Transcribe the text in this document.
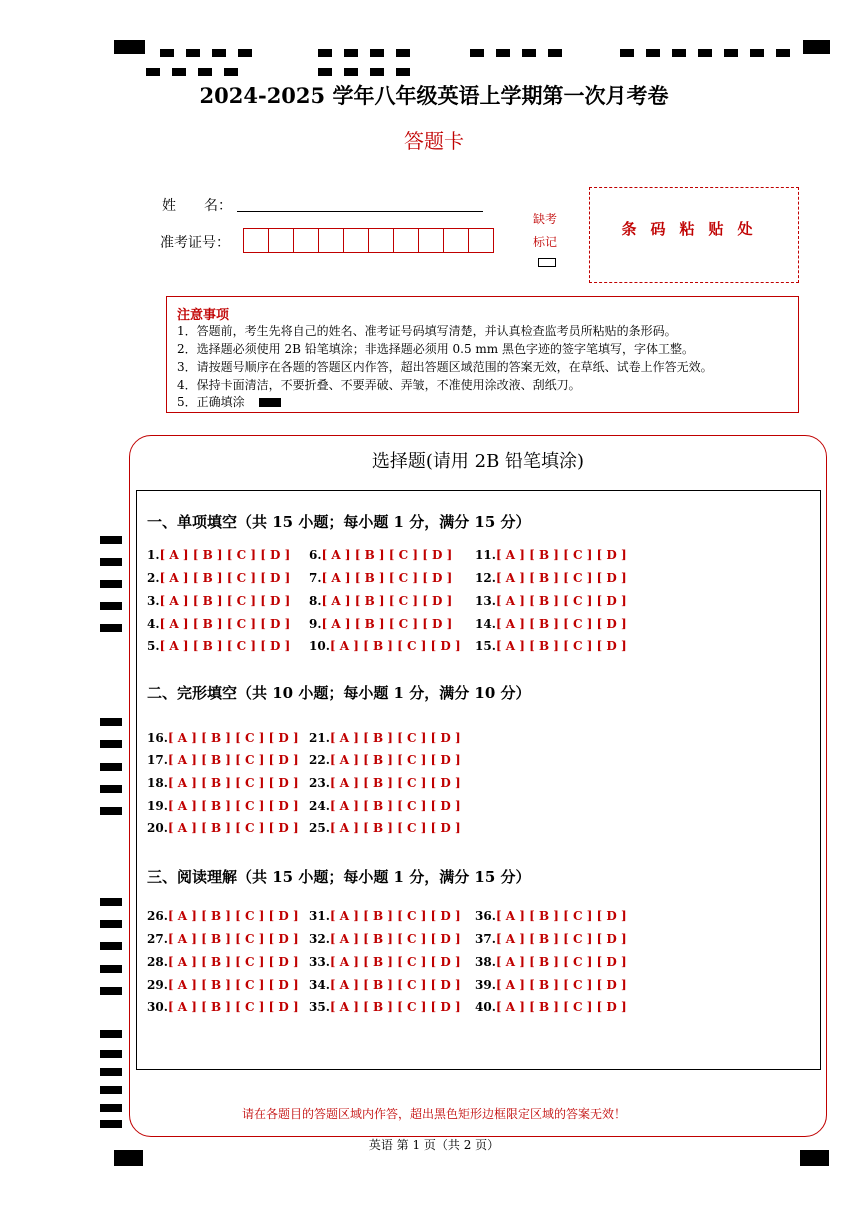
2024-2025 学年八年级英语上学期第一次月考卷
答题卡
姓　　名：
准考证号：
缺考
标记
条码粘贴处
注意事项
1．答题前，考生先将自己的姓名、准考证号码填写清楚，并认真检查监考员所粘贴的条形码。
2．选择题必须使用 2B 铅笔填涂；非选择题必须用 0.5 mm 黑色字迹的签字笔填写，字体工整。
3．请按题号顺序在各题的答题区内作答，超出答题区域范围的答案无效，在草纸、试卷上作答无效。
4．保持卡面清洁，不要折叠、不要弄破、弄皱，不准使用涂改液、刮纸刀。
5．正确填涂
选择题(请用 2B 铅笔填涂)
一、单项填空（共 15 小题；每小题 1 分，满分 15 分）
二、完形填空（共 10 小题；每小题 1 分，满分 10 分）
三、阅读理解（共 15 小题；每小题 1 分，满分 15 分）
1.[ A ] [ B ] [ C ] [ D ]
2.[ A ] [ B ] [ C ] [ D ]
3.[ A ] [ B ] [ C ] [ D ]
4.[ A ] [ B ] [ C ] [ D ]
5.[ A ] [ B ] [ C ] [ D ]
6.[ A ] [ B ] [ C ] [ D ]
7.[ A ] [ B ] [ C ] [ D ]
8.[ A ] [ B ] [ C ] [ D ]
9.[ A ] [ B ] [ C ] [ D ]
10.[ A ] [ B ] [ C ] [ D ]
11.[ A ] [ B ] [ C ] [ D ]
12.[ A ] [ B ] [ C ] [ D ]
13.[ A ] [ B ] [ C ] [ D ]
14.[ A ] [ B ] [ C ] [ D ]
15.[ A ] [ B ] [ C ] [ D ]
16.[ A ] [ B ] [ C ] [ D ]
17.[ A ] [ B ] [ C ] [ D ]
18.[ A ] [ B ] [ C ] [ D ]
19.[ A ] [ B ] [ C ] [ D ]
20.[ A ] [ B ] [ C ] [ D ]
21.[ A ] [ B ] [ C ] [ D ]
22.[ A ] [ B ] [ C ] [ D ]
23.[ A ] [ B ] [ C ] [ D ]
24.[ A ] [ B ] [ C ] [ D ]
25.[ A ] [ B ] [ C ] [ D ]
26.[ A ] [ B ] [ C ] [ D ]
27.[ A ] [ B ] [ C ] [ D ]
28.[ A ] [ B ] [ C ] [ D ]
29.[ A ] [ B ] [ C ] [ D ]
30.[ A ] [ B ] [ C ] [ D ]
31.[ A ] [ B ] [ C ] [ D ]
32.[ A ] [ B ] [ C ] [ D ]
33.[ A ] [ B ] [ C ] [ D ]
34.[ A ] [ B ] [ C ] [ D ]
35.[ A ] [ B ] [ C ] [ D ]
36.[ A ] [ B ] [ C ] [ D ]
37.[ A ] [ B ] [ C ] [ D ]
38.[ A ] [ B ] [ C ] [ D ]
39.[ A ] [ B ] [ C ] [ D ]
40.[ A ] [ B ] [ C ] [ D ]
请在各题目的答题区域内作答，超出黑色矩形边框限定区域的答案无效！
英语 第 1 页（共 2 页）
